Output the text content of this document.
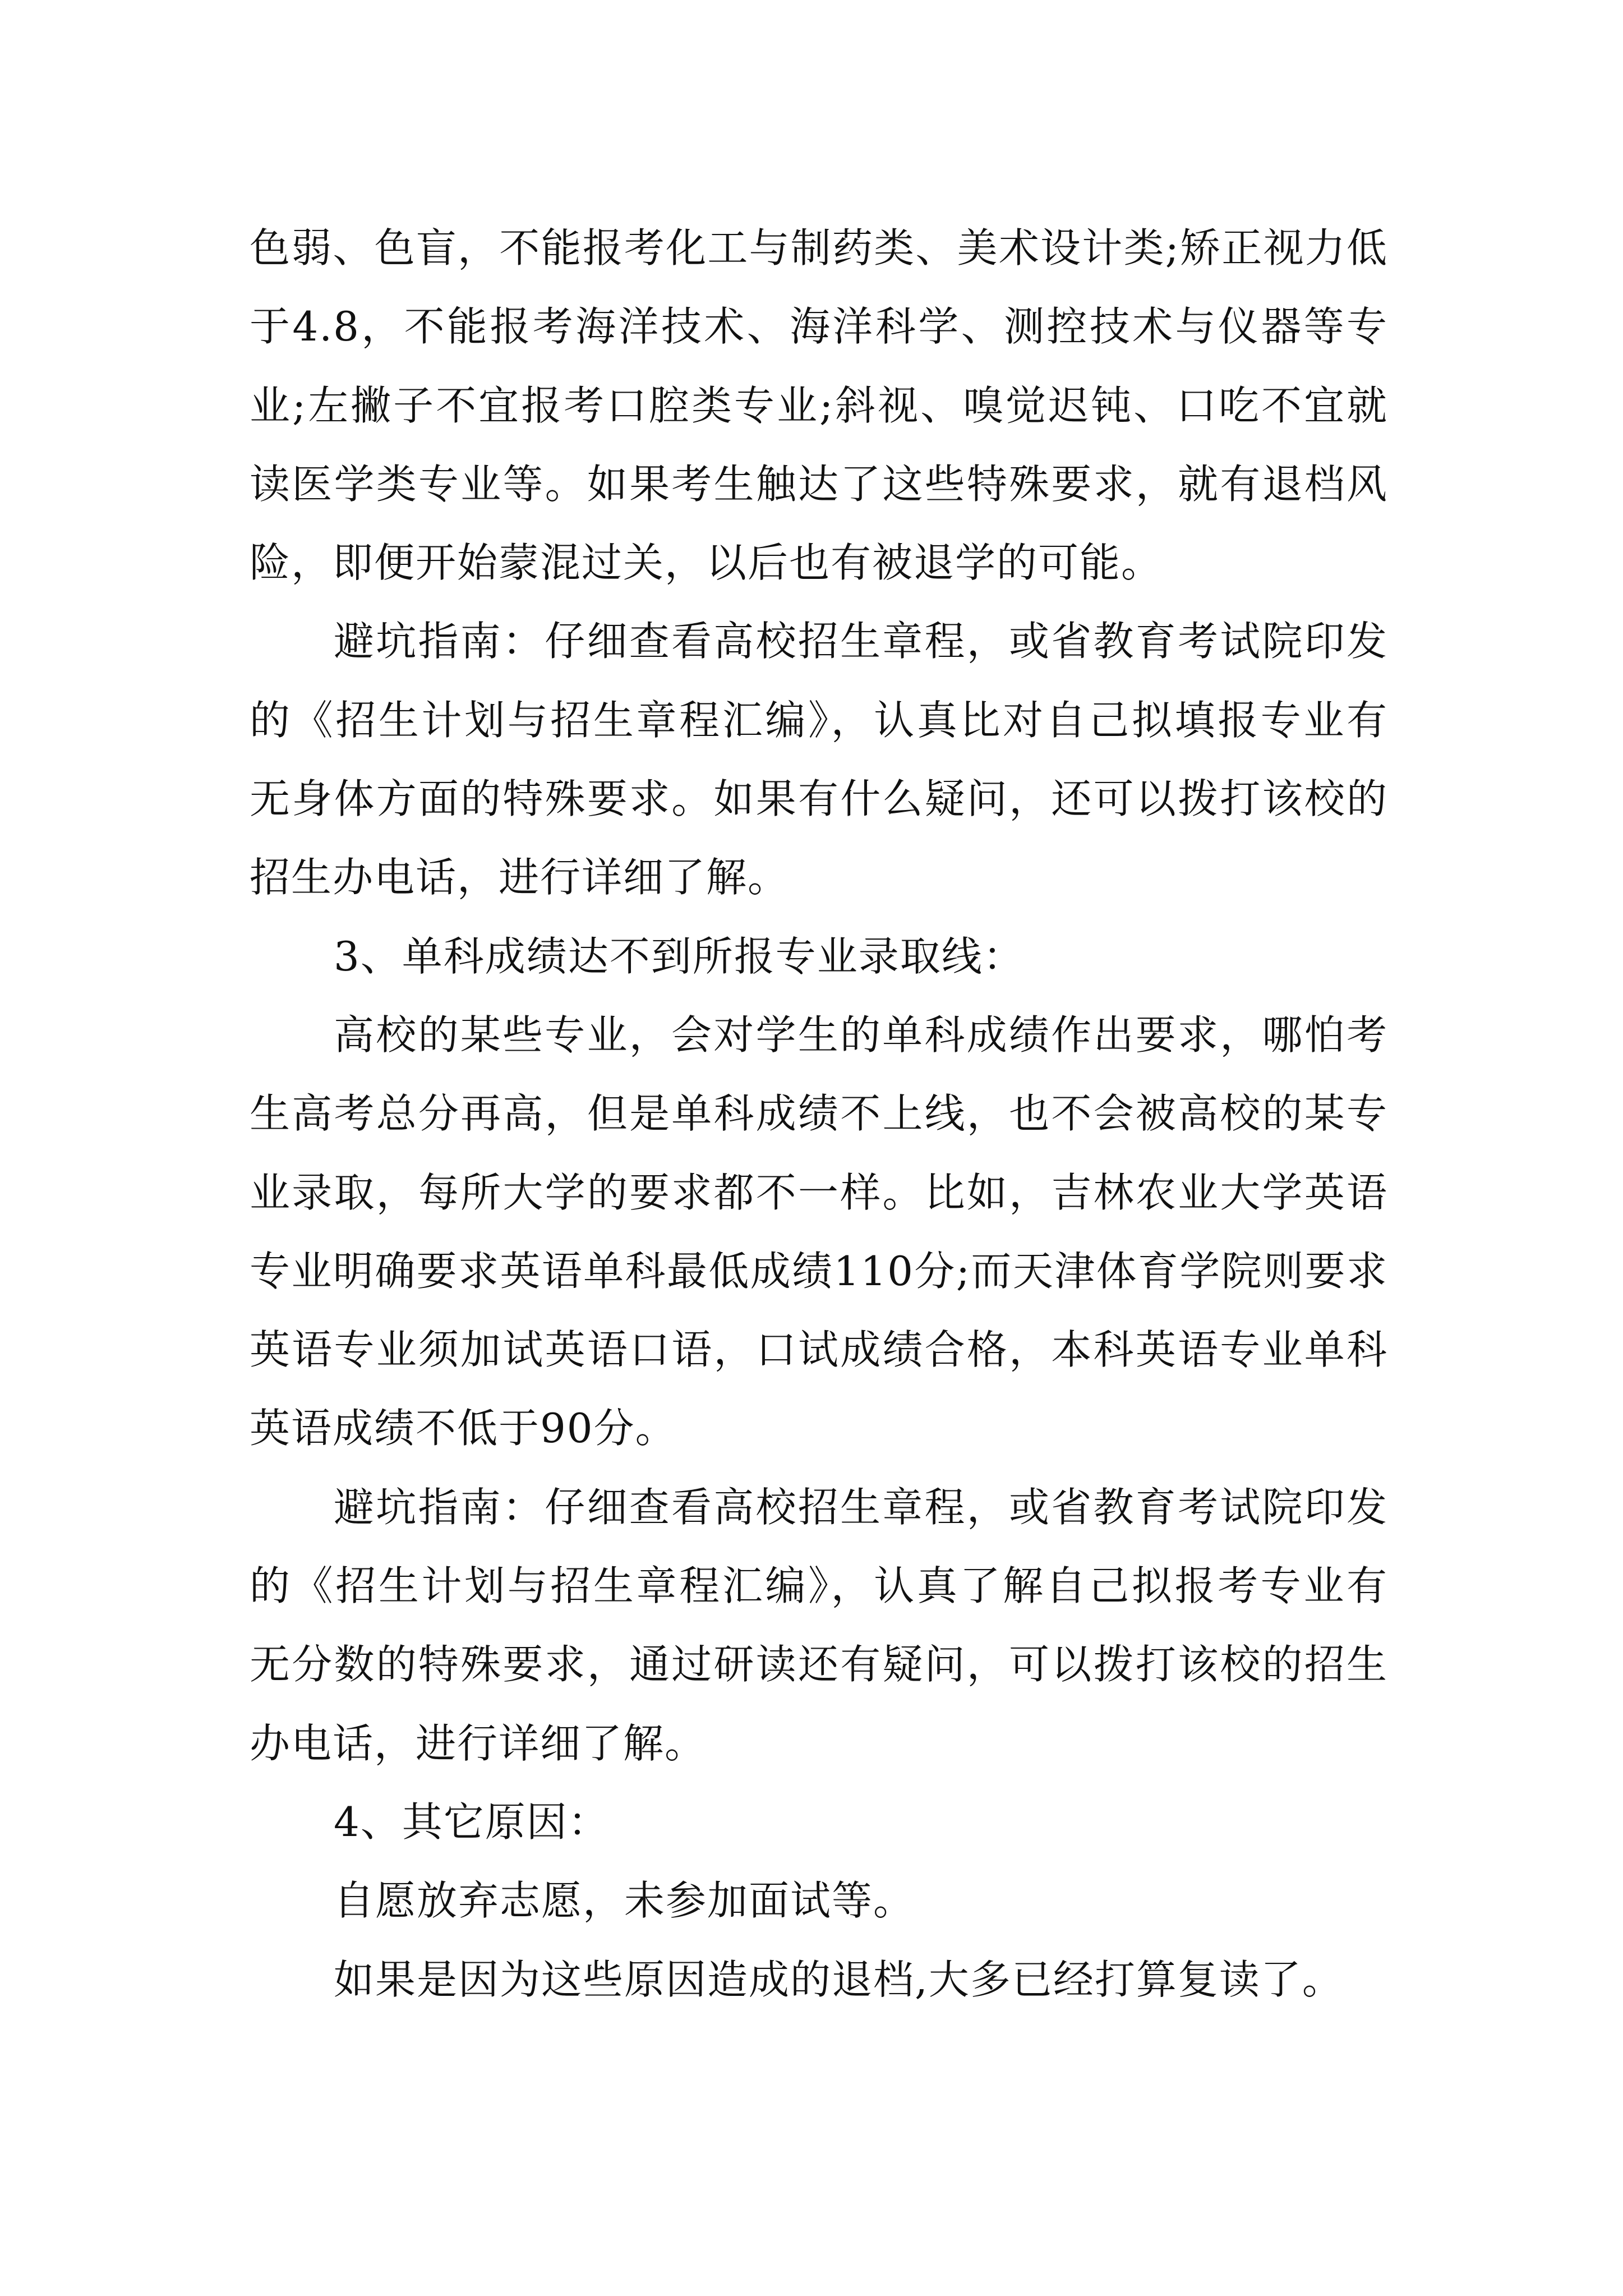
色弱、色盲，不能报考化工与制药类、美术设计类;矫正视力低于4.8，不能报考海洋技术、海洋科学、测控技术与仪器等专业;左撇子不宜报考口腔类专业;斜视、嗅觉迟钝、口吃不宜就读医学类专业等。如果考生触达了这些特殊要求，就有退档风险，即便开始蒙混过关，以后也有被退学的可能。

避坑指南：仔细查看高校招生章程，或省教育考试院印发的《招生计划与招生章程汇编》，认真比对自己拟填报专业有无身体方面的特殊要求。如果有什么疑问，还可以拨打该校的招生办电话，进行详细了解。

3、单科成绩达不到所报专业录取线：

高校的某些专业，会对学生的单科成绩作出要求，哪怕考生高考总分再高，但是单科成绩不上线，也不会被高校的某专业录取，每所大学的要求都不一样。比如，吉林农业大学英语专业明确要求英语单科最低成绩110分;而天津体育学院则要求英语专业须加试英语口语，口试成绩合格，本科英语专业单科英语成绩不低于90分。

避坑指南：仔细查看高校招生章程，或省教育考试院印发的《招生计划与招生章程汇编》，认真了解自己拟报考专业有无分数的特殊要求，通过研读还有疑问，可以拨打该校的招生办电话，进行详细了解。

4、其它原因：

自愿放弃志愿，未参加面试等。

如果是因为这些原因造成的退档,大多已经打算复读了。
